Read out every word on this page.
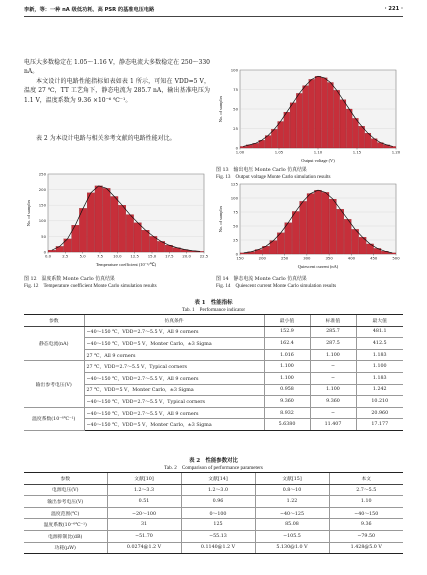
李新，等：一种 nA 级低功耗、高 PSR 的基准电压电路	· 221 ·
电压大多数稳定在 1.05～1.16 V，静态电流大多数稳定在 250～330 nA。
本文设计的电路性能指标如表如表 1 所示，可知在 VDD=5 V，温度 27 ℃，TT 工艺角下，静态电流为 285.7 nA，输出基准电压为 1.1 V，温度系数为 9.36 ×10⁻⁶ ℃⁻¹。
表 2 为本设计电路与相关参考文献的电路性能对比。
0
25
50
75
100
1.00	1.05	1.10	1.15	1.20
Output voltage (V)
No. of samples
图 13　输出电压 Monte Carlo 仿真结果
Fig. 13　Output voltage Monte Carlo simulation results
0
50
100
150
200
250
0.0	2.5	5.0	7.5	10.0 12.5 15.0 17.5 20.0 22.5
Temperature coefficient (10⁻⁶/℃)
No. of samples
图 12　温度系数 Monte Carlo 仿真结果
Fig. 12　Temperature coefficient Monte Carlo simulation results
0
25
50
75
100
125
150	200	250	300	350	400	450	500
Quiescent current (nA)
No. of samples
图 14　静态电流 Monte Carlo 仿真结果
Fig. 14　Quiescent current Monte Carlo simulation results
表 1　性能指标
Tab. 1　Performance indicator
参数	仿真条件	最小值	标准值	最大值
静态电流(nA)	−40～150 ℃，VDD=2.7～5.5 V，All 9 corners	152.9	285.7	481.1
	−40～150 ℃，VDD=5 V，Monter Carlo，±3 Sigma	162.4	287.5	412.5
	27 ℃，All 9 corners	1.016	1.100	1.183
输出参考电压(V)	27 ℃，VDD=2.7～5.5 V，Typical corners	1.100	−	1.100
	−40～150 ℃，VDD=2.7～5.5 V，All 9 corners	1.100	−	1.183
	27 ℃，VDD=5 V，Monter Carlo，±3 Sigma	0.958	1.100	1.242
	−40～150 ℃，VDD=2.7～5.5 V，Typical corners	9.360	9.360	10.210
温度系数(10⁻⁶℃⁻¹)	−40～150 ℃，VDD=2.7～5.5 V，All 9 corners	8.932	−	20.960
	−40～150 ℃，VDD=5 V，Monter Carlo，±3 Sigma	5.6380	11.407	17.177
表 2　性能参数对比
Tab. 2　Comparison of performance parameters
参数	文献[10]	文献[14]	文献[15]	本文
电源电压(V)	1.2～3.3	1.2～3.0	0.8～10	2.7～5.5
输出参考电压(V)	0.51	0.96	1.22	1.10
温度范围(℃)	−20～100	0～100	−40～125	−40～150
温度系数(10⁻⁶℃⁻¹)	31	125	85.08	9.36
电源抑制比(dB)	−51.70	−55.13	−105.5	−79.50
功耗(μW)	0.0274@1.2 V	0.1140@1.2 V	5.130@1.0 V	1.428@5.0 V
